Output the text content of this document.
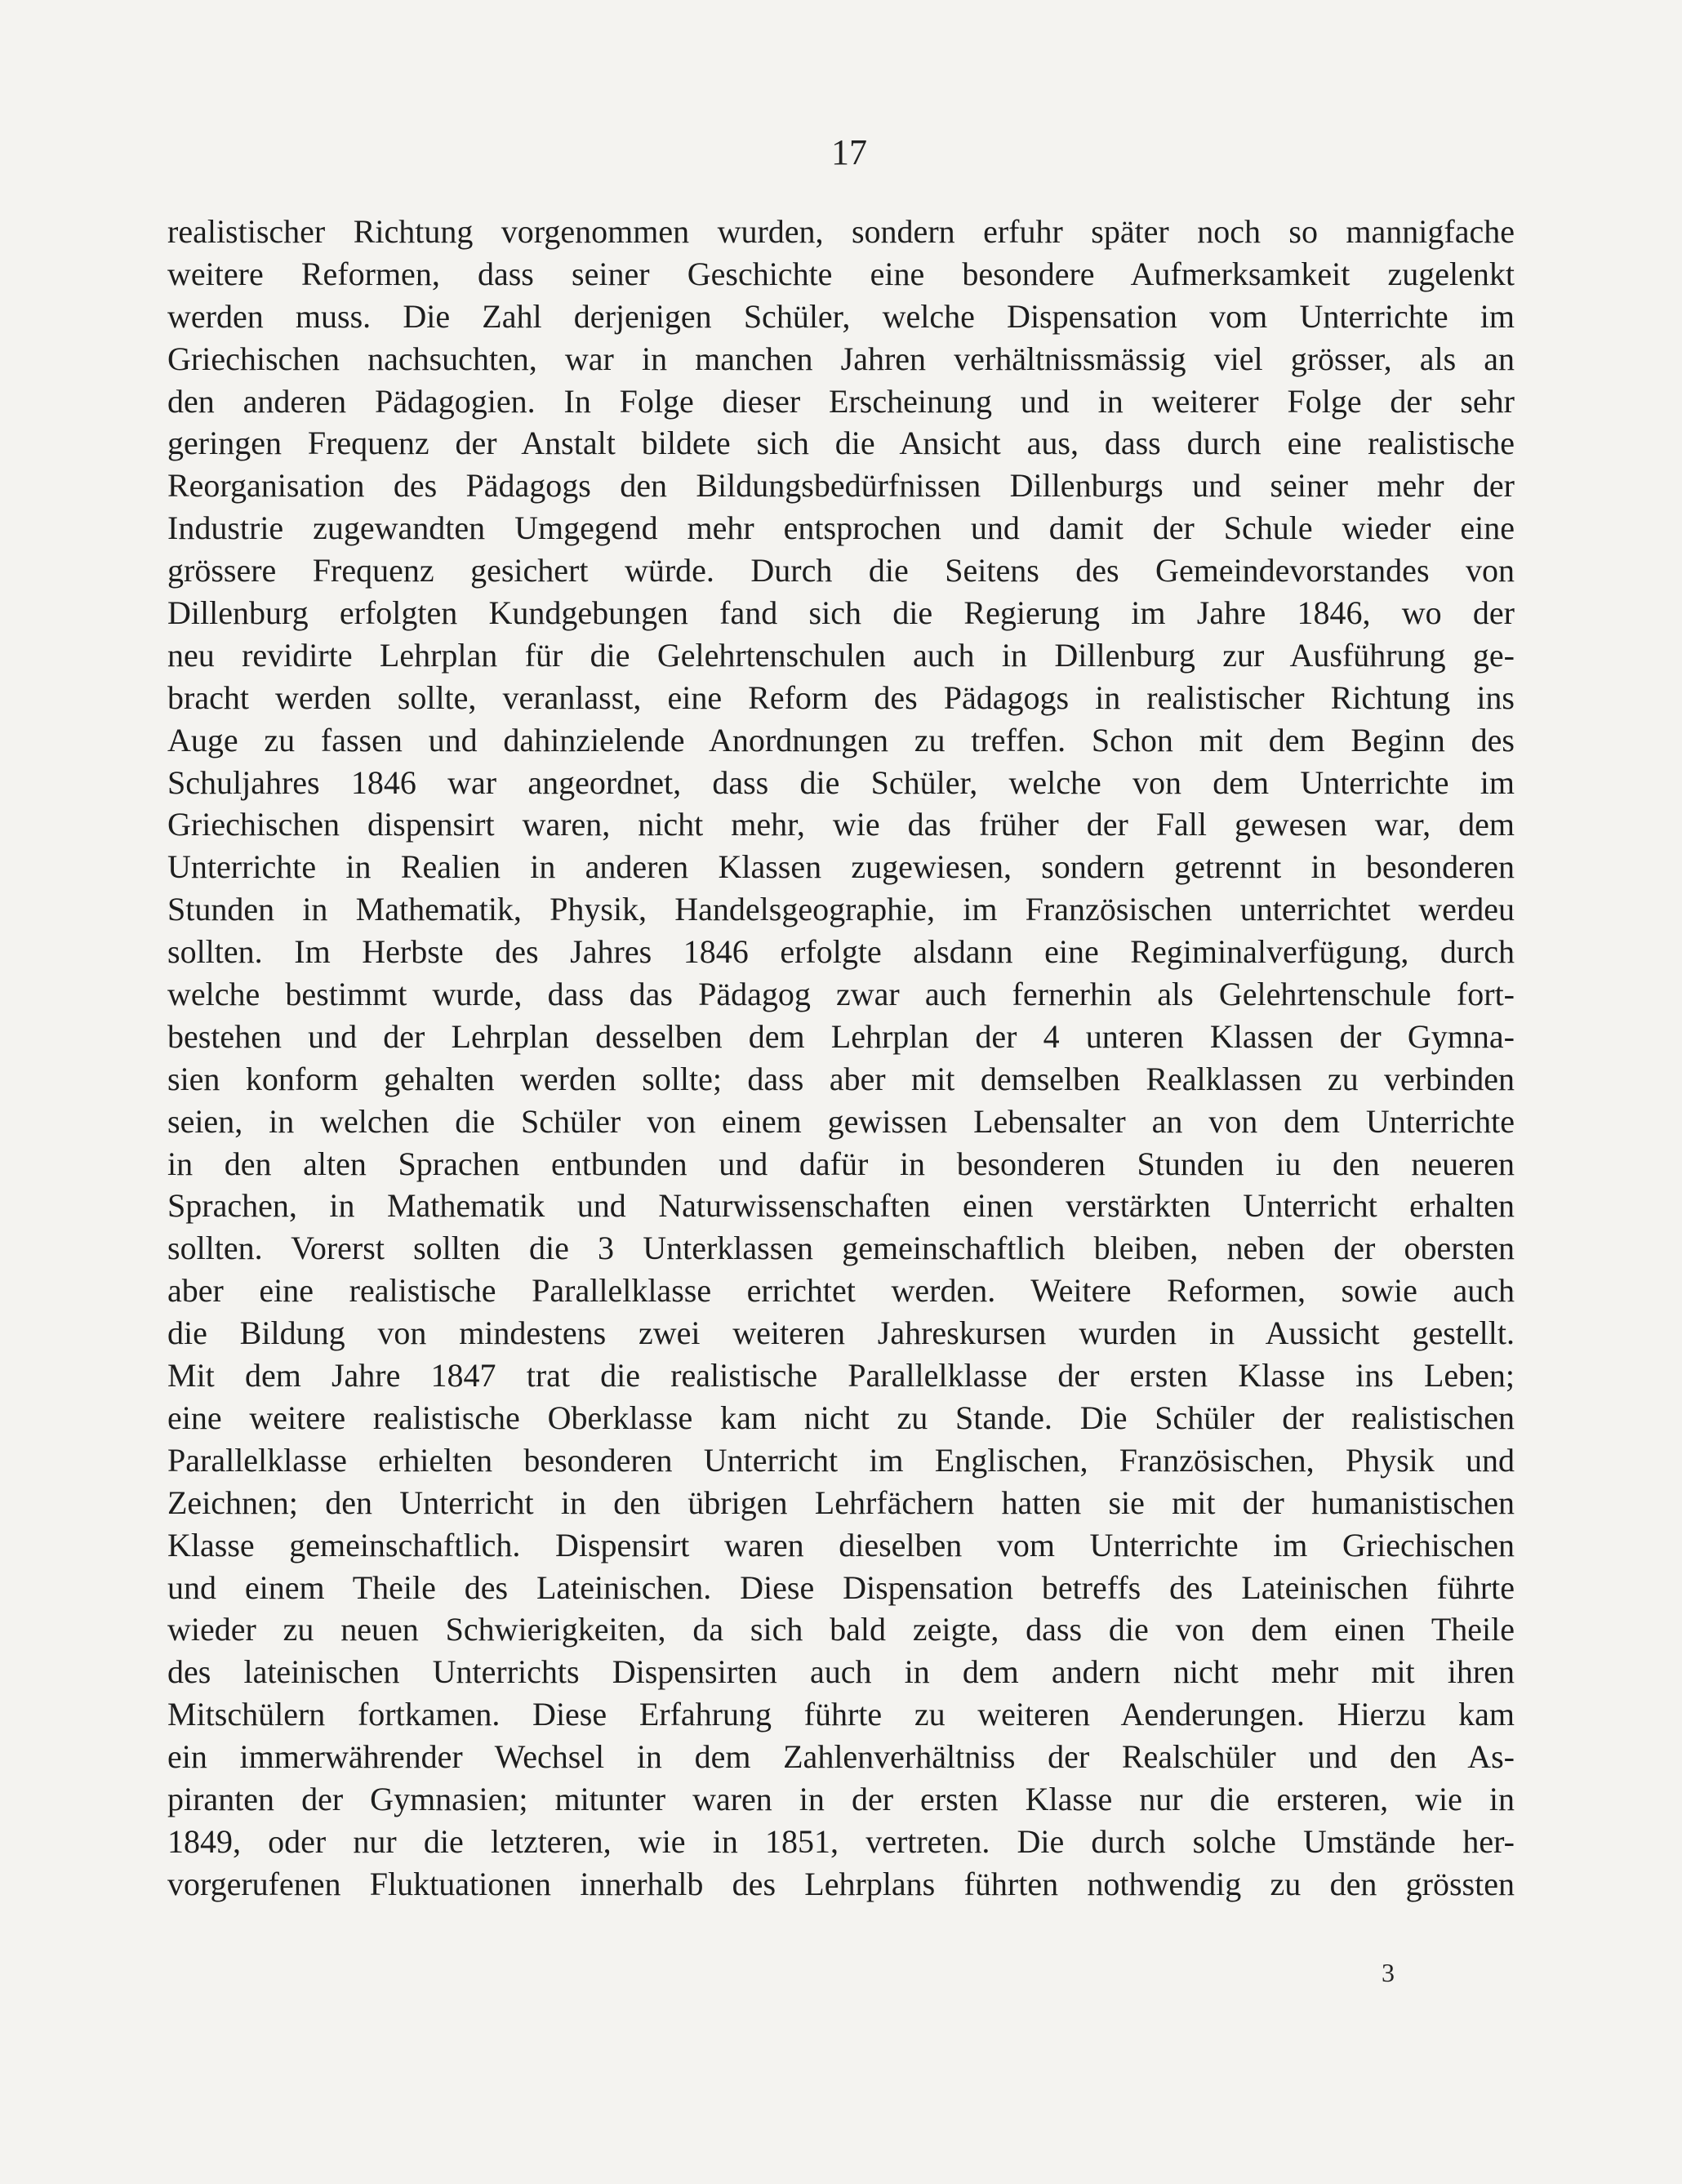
17
realistischer Richtung vorgenommen wurden, sondern erfuhr später noch so mannigfache
weitere Reformen, dass seiner Geschichte eine besondere Aufmerksamkeit zugelenkt
werden muss. Die Zahl derjenigen Schüler, welche Dispensation vom Unterrichte im
Griechischen nachsuchten, war in manchen Jahren verhältnissmässig viel grösser, als an
den anderen Pädagogien. In Folge dieser Erscheinung und in weiterer Folge der sehr
geringen Frequenz der Anstalt bildete sich die Ansicht aus, dass durch eine realistische
Reorganisation des Pädagogs den Bildungsbedürfnissen Dillenburgs und seiner mehr der
Industrie zugewandten Umgegend mehr entsprochen und damit der Schule wieder eine
grössere Frequenz gesichert würde. Durch die Seitens des Gemeindevorstandes von
Dillenburg erfolgten Kundgebungen fand sich die Regierung im Jahre 1846, wo der
neu revidirte Lehrplan für die Gelehrtenschulen auch in Dillenburg zur Ausführung ge-
bracht werden sollte, veranlasst, eine Reform des Pädagogs in realistischer Richtung ins
Auge zu fassen und dahinzielende Anordnungen zu treffen. Schon mit dem Beginn des
Schuljahres 1846 war angeordnet, dass die Schüler, welche von dem Unterrichte im
Griechischen dispensirt waren, nicht mehr, wie das früher der Fall gewesen war, dem
Unterrichte in Realien in anderen Klassen zugewiesen, sondern getrennt in besonderen
Stunden in Mathematik, Physik, Handelsgeographie, im Französischen unterrichtet werdeu
sollten. Im Herbste des Jahres 1846 erfolgte alsdann eine Regiminalverfügung, durch
welche bestimmt wurde, dass das Pädagog zwar auch fernerhin als Gelehrtenschule fort-
bestehen und der Lehrplan desselben dem Lehrplan der 4 unteren Klassen der Gymna-
sien konform gehalten werden sollte; dass aber mit demselben Realklassen zu verbinden
seien, in welchen die Schüler von einem gewissen Lebensalter an von dem Unterrichte
in den alten Sprachen entbunden und dafür in besonderen Stunden iu den neueren
Sprachen, in Mathematik und Naturwissenschaften einen verstärkten Unterricht erhalten
sollten. Vorerst sollten die 3 Unterklassen gemeinschaftlich bleiben, neben der obersten
aber eine realistische Parallelklasse errichtet werden. Weitere Reformen, sowie auch
die Bildung von mindestens zwei weiteren Jahreskursen wurden in Aussicht gestellt.
Mit dem Jahre 1847 trat die realistische Parallelklasse der ersten Klasse ins Leben;
eine weitere realistische Oberklasse kam nicht zu Stande. Die Schüler der realistischen
Parallelklasse erhielten besonderen Unterricht im Englischen, Französischen, Physik und
Zeichnen; den Unterricht in den übrigen Lehrfächern hatten sie mit der humanistischen
Klasse gemeinschaftlich. Dispensirt waren dieselben vom Unterrichte im Griechischen
und einem Theile des Lateinischen. Diese Dispensation betreffs des Lateinischen führte
wieder zu neuen Schwierigkeiten, da sich bald zeigte, dass die von dem einen Theile
des lateinischen Unterrichts Dispensirten auch in dem andern nicht mehr mit ihren
Mitschülern fortkamen. Diese Erfahrung führte zu weiteren Aenderungen. Hierzu kam
ein immerwährender Wechsel in dem Zahlenverhältniss der Realschüler und den As-
piranten der Gymnasien; mitunter waren in der ersten Klasse nur die ersteren, wie in
1849, oder nur die letzteren, wie in 1851, vertreten. Die durch solche Umstände her-
vorgerufenen Fluktuationen innerhalb des Lehrplans führten nothwendig zu den grössten
3
